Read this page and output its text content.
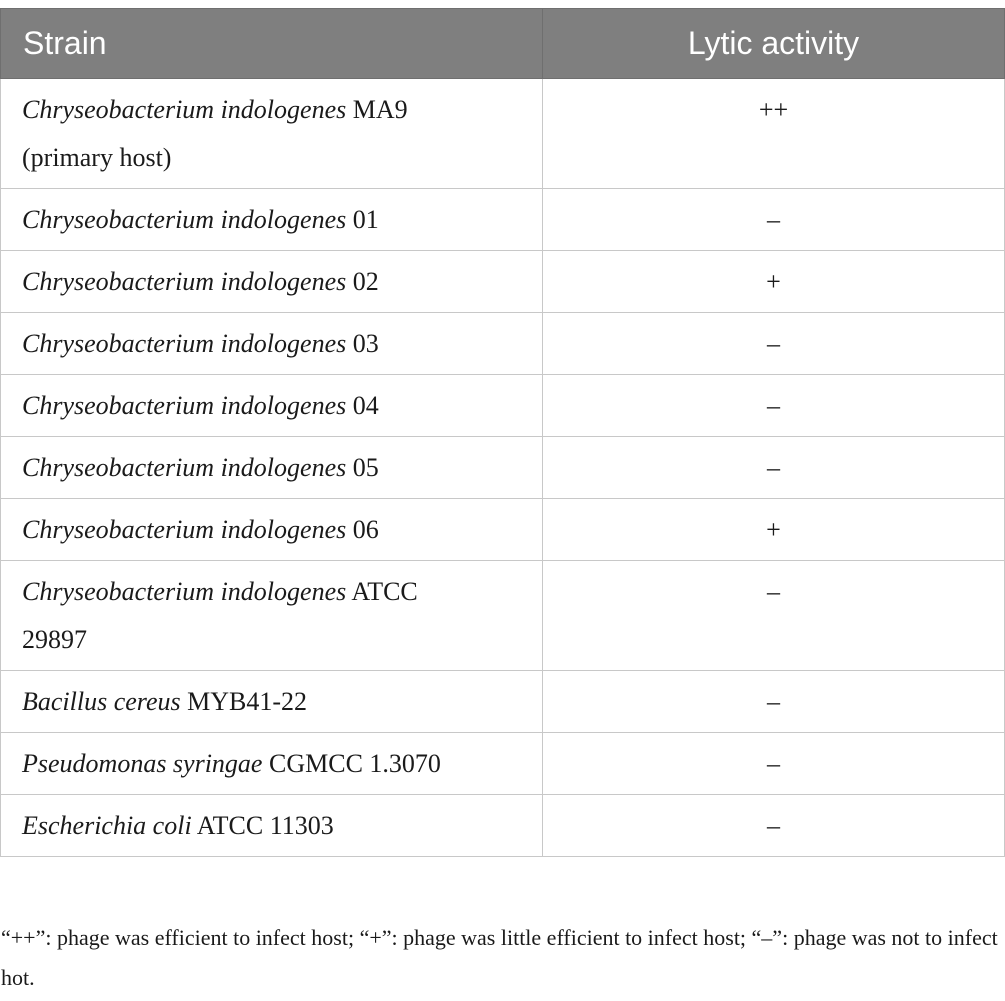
Strain	Lytic activity
Chryseobacterium indologenes MA9
(primary host)	++
Chryseobacterium indologenes 01	–
Chryseobacterium indologenes 02	+
Chryseobacterium indologenes 03	–
Chryseobacterium indologenes 04	–
Chryseobacterium indologenes 05	–
Chryseobacterium indologenes 06	+
Chryseobacterium indologenes ATCC
29897	–
Bacillus cereus MYB41-22	–
Pseudomonas syringae CGMCC 1.3070	–
Escherichia coli ATCC 11303	–
“++”: phage was efficient to infect host; “+”: phage was little efficient to infect host; “–”: phage was not to infect hot.
